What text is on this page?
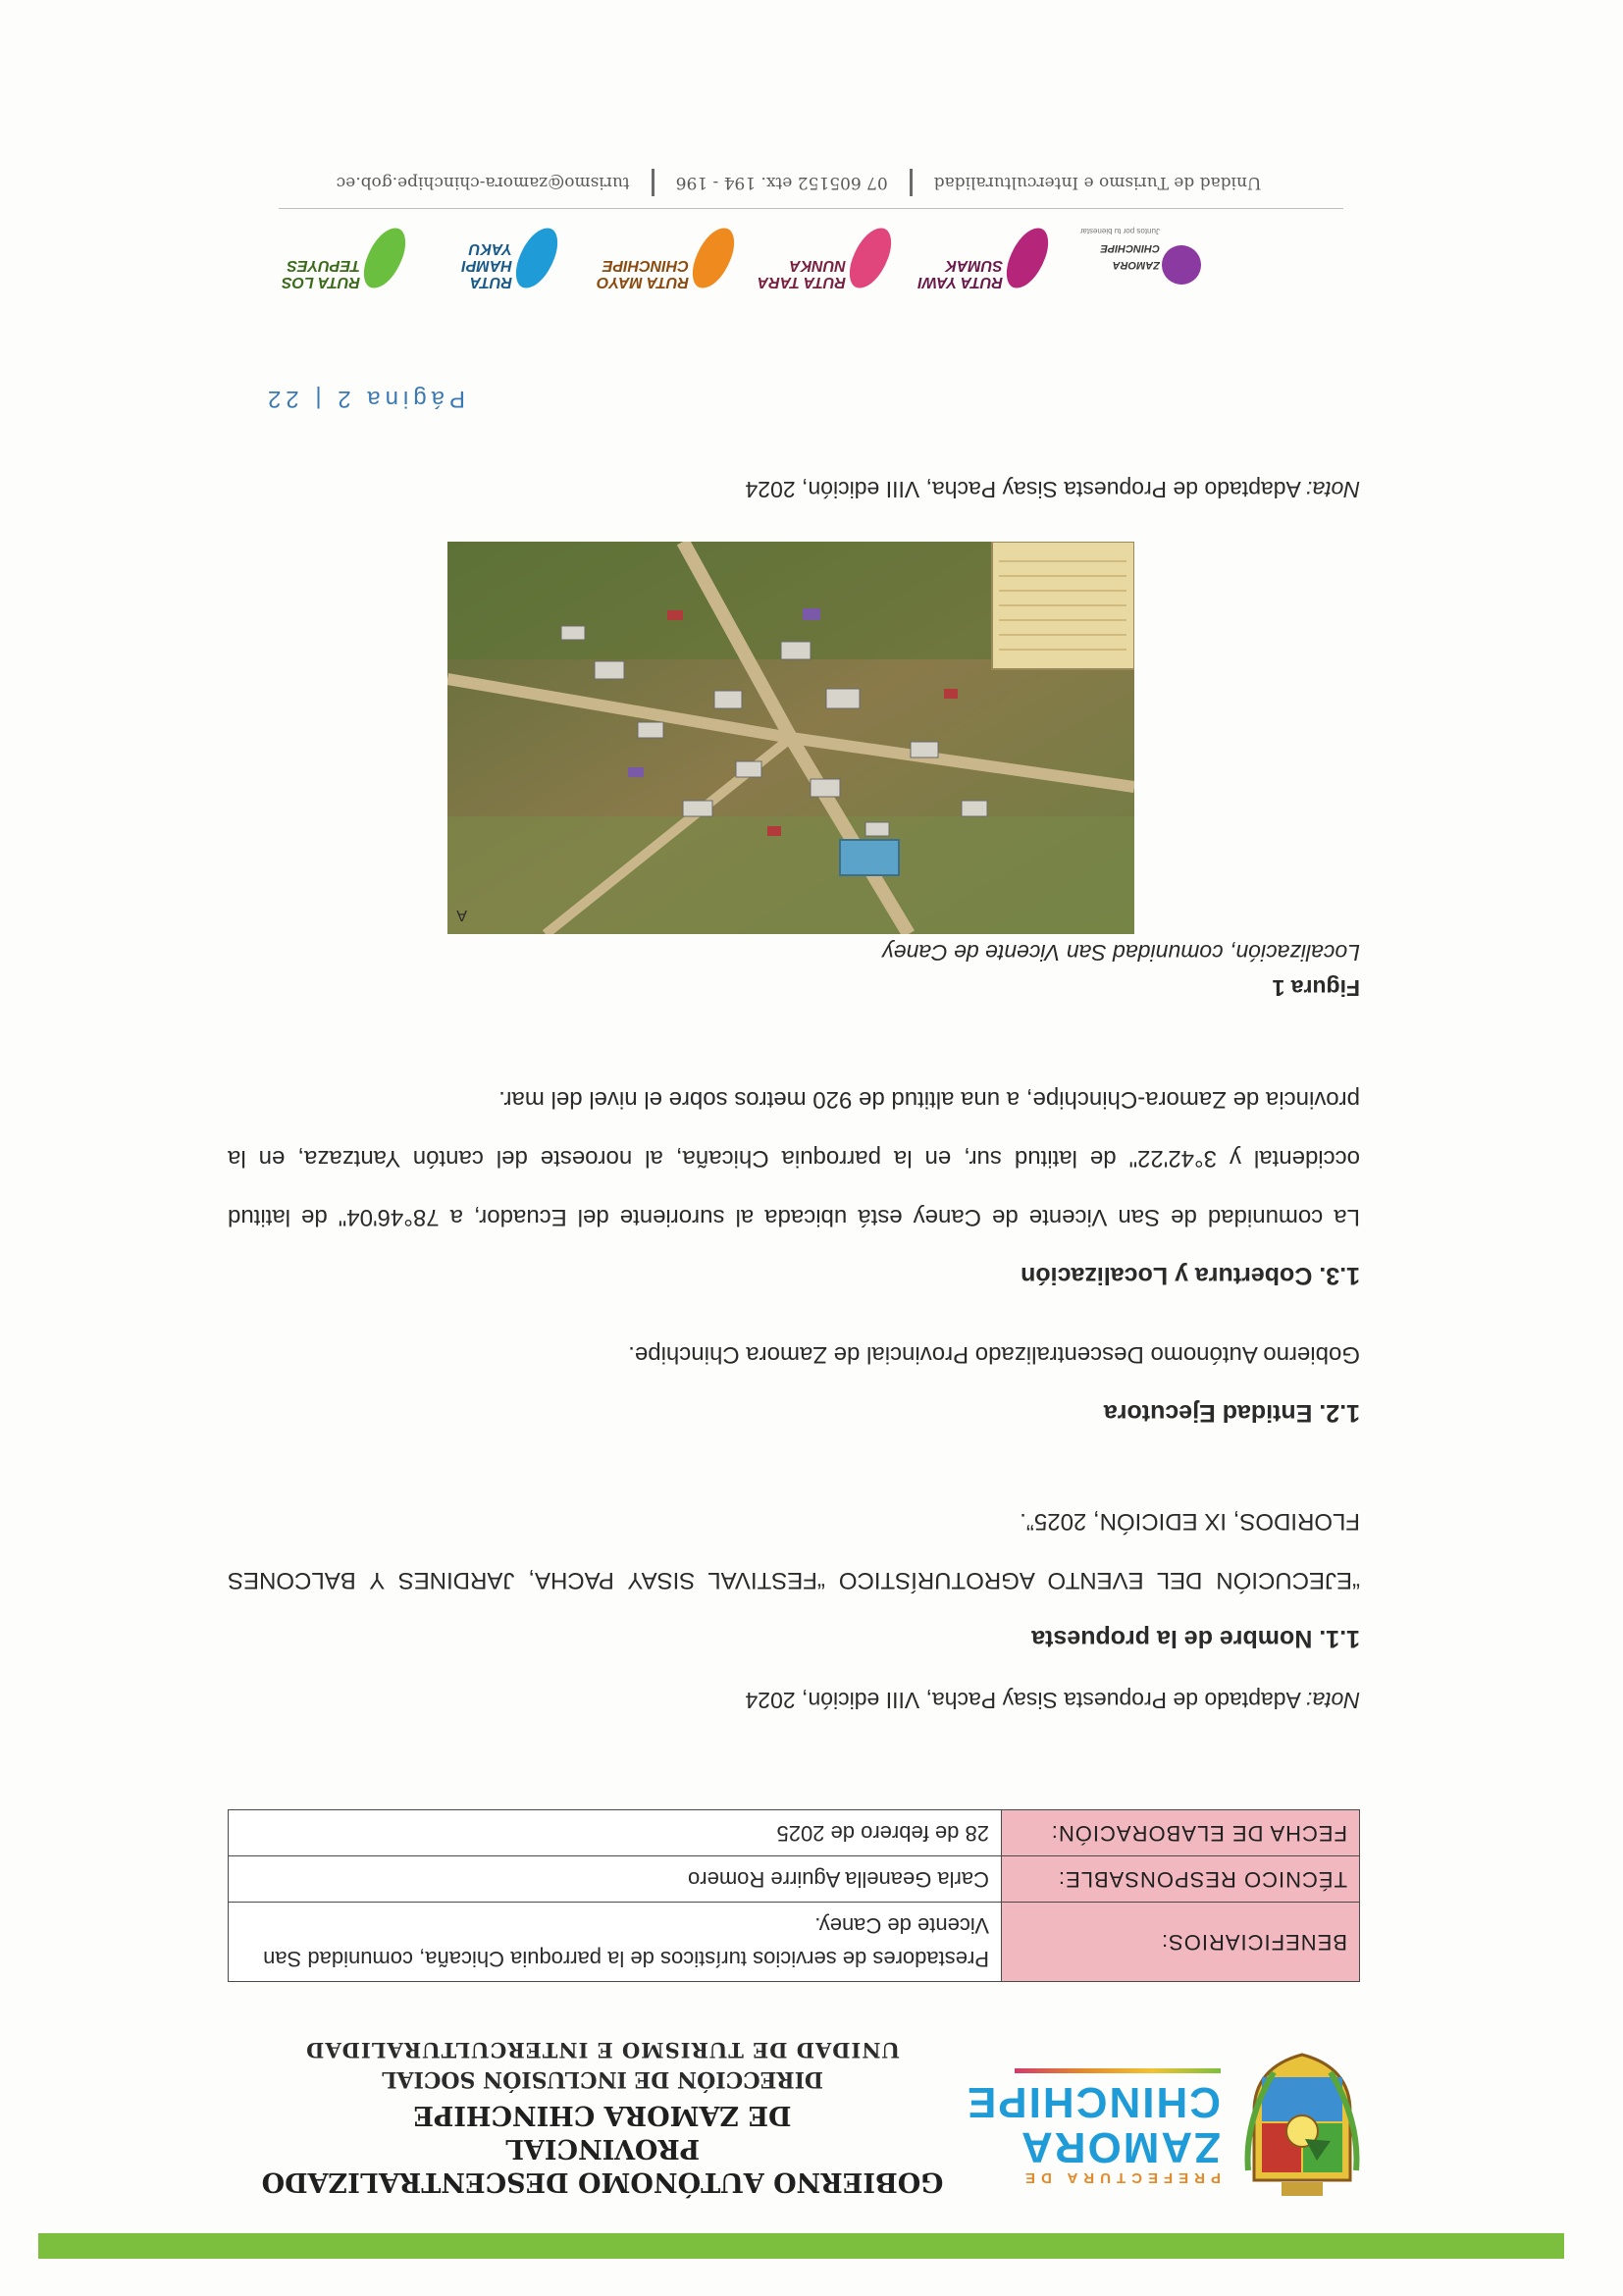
PREFECTURA DE
ZAMORA
CHINCHIPE
GOBIERNO AUTÓNOMO DESCENTRALIZADO PROVINCIAL
DE ZAMORA CHINCHIPE
DIRECCIÓN DE INCLUSIÓN SOCIAL
UNIDAD DE TURISMO E INTERCULTURALIDAD
BENEFICIARIOS:	Prestadores de servicios turísticos de la parroquia Chicaña, comunidad San Vicente de Caney.
TÉCNICO RESPONSABLE:	Carla Geanella Aguirre Romero
FECHA DE ELABORACIÓN:	28 de febrero de 2025
Nota: Adaptado de Propuesta Sisay Pacha, VIII edición, 2024
1.1. Nombre de la propuesta
“EJECUCIÓN DEL EVENTO AGROTURÍSTICO “FESTIVAL SISAY PACHA, JARDINES Y BALCONES FLORIDOS, IX EDICIÓN, 2025”.
1.2. Entidad Ejecutora
Gobierno Autónomo Descentralizado Provincial de Zamora Chinchipe.
1.3. Cobertura y Localización
La comunidad de San Vicente de Caney está ubicada al suroriente del Ecuador, a 78°46'04" de latitud occidental y 3°42'22" de latitud sur, en la parroquia Chicaña, al noroeste del cantón Yantzaza, en la provincia de Zamora-Chinchipe, a una altitud de 920 metros sobre el nivel del mar.
Figura 1
Localización, comunidad San Vicente de Caney
A
Nota: Adaptado de Propuesta Sisay Pacha, VIII edición, 2024
Página 2 | 22
ZAMORA CHINCHIPE
Juntos por tu bienestar
RUTA YAWI SUMAK
RUTA TARA NUNKA
RUTA MAYO CHINCHIPE
RUTA HAMPI YAKU
RUTA LOS TEPUYES
Unidad de Turismo e Interculturalidad
07 605152 etx. 194 - 196
turismo@zamora-chinchipe.gob.ec
